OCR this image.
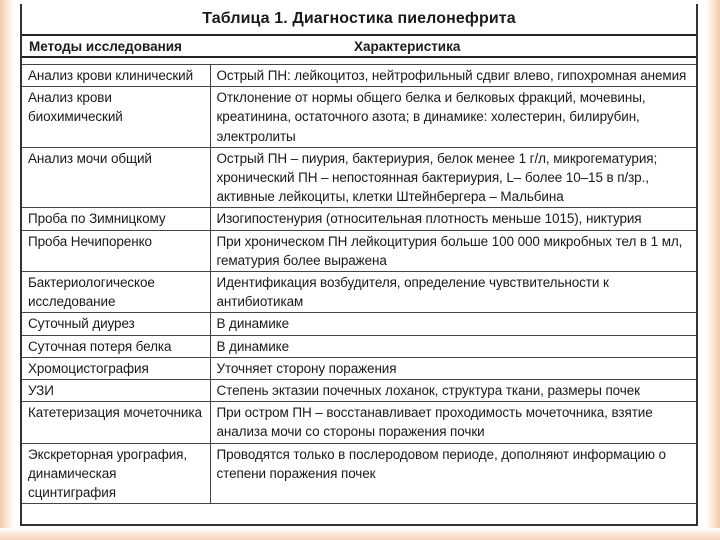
Таблица 1. Диагностика пиелонефрита
Методы исследования	Характеристика
Анализ крови клинический	Острый ПН: лейкоцитоз, нейтрофильный сдвиг влево, гипохромная анемия
Анализ крови биохимический	Отклонение от нормы общего белка и белковых фракций, мочевины, креатинина, остаточного азота; в динамике: холестерин, билирубин, электролиты
Анализ мочи общий	Острый ПН – пиурия, бактериурия, белок менее 1 г/л, микрогематурия; хронический ПН – непостоянная бактериурия, L– более 10–15 в п/зр., активные лейкоциты, клетки Штейнбергера – Мальбина
Проба по Зимницкому	Изогипостенурия (относительная плотность меньше 1015), никтурия
Проба Нечипоренко	При хроническом ПН лейкоцитурия больше 100 000 микробных тел в 1 мл, гематурия более выражена
Бактериологическое исследование	Идентификация возбудителя, определение чувствительности к антибиотикам
Суточный диурез	В динамике
Суточная потеря белка	В динамике
Хромоцистография	Уточняет сторону поражения
УЗИ	Степень эктазии почечных лоханок, структура ткани, размеры почек
Катетеризация мочеточника	При остром ПН – восстанавливает проходимость мочеточника, взятие анализа мочи со стороны поражения почки
Экскреторная урография, динамическая сцинтиграфия	Проводятся только в послеродовом периоде, дополняют информацию о степени поражения почек
